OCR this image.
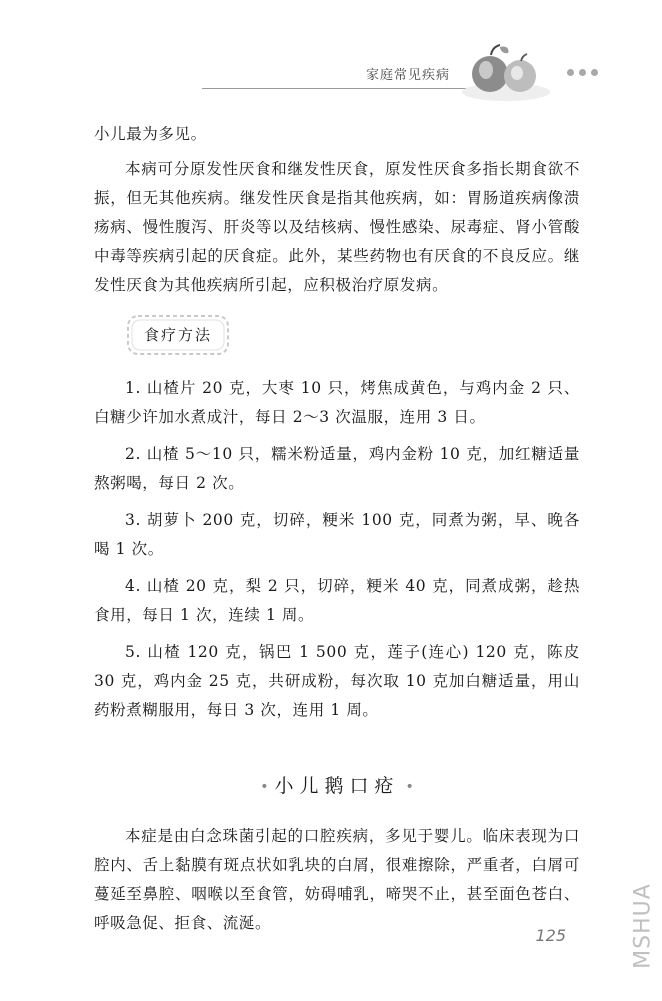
家庭常见疾病

小儿最为多见。

本病可分原发性厌食和继发性厌食，原发性厌食多指长期食欲不振，但无其他疾病。继发性厌食是指其他疾病，如：胃肠道疾病像溃疡病、慢性腹泻、肝炎等以及结核病、慢性感染、尿毒症、肾小管酸中毒等疾病引起的厌食症。此外，某些药物也有厌食的不良反应。继发性厌食为其他疾病所引起，应积极治疗原发病。

食疗方法

1. 山楂片 20 克，大枣 10 只，烤焦成黄色，与鸡内金 2 只、白糖少许加水煮成汁，每日 2～3 次温服，连用 3 日。

2. 山楂 5～10 只，糯米粉适量，鸡内金粉 10 克，加红糖适量熬粥喝，每日 2 次。

3. 胡萝卜 200 克，切碎，粳米 100 克，同煮为粥，早、晚各喝 1 次。

4. 山楂 20 克，梨 2 只，切碎，粳米 40 克，同煮成粥，趁热食用，每日 1 次，连续 1 周。

5. 山楂 120 克，锅巴 1 500 克，莲子(连心) 120 克，陈皮 30 克，鸡内金 25 克，共研成粉，每次取 10 克加白糖适量，用山药粉煮糊服用，每日 3 次，连用 1 周。

• 小儿鹅口疮 •

本症是由白念珠菌引起的口腔疾病，多见于婴儿。临床表现为口腔内、舌上黏膜有斑点状如乳块的白屑，很难擦除，严重者，白屑可蔓延至鼻腔、咽喉以至食管，妨碍哺乳，啼哭不止，甚至面色苍白、呼吸急促、拒食、流涎。

125	MSHUA
